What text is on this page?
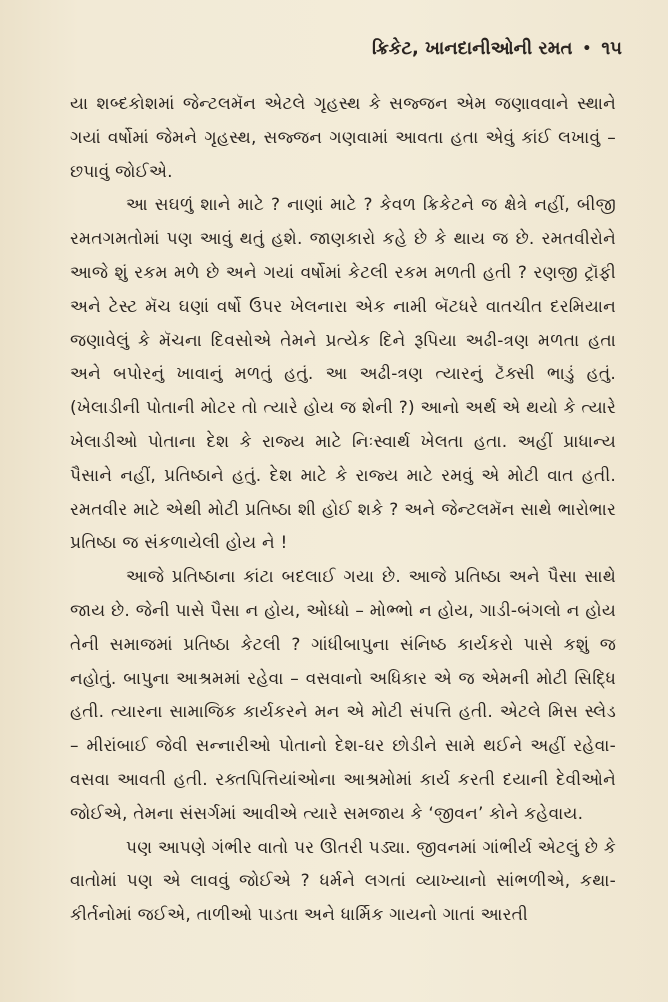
ક્રિકેટ, ખાનદાનીઓની રમત • ૧૫

યા શબ્દકોશમાં જેન્ટલમૅન એટલે ગૃહસ્થ કે સજ્જન એમ જણાવવાને સ્થાને ગયાં વર્ષોમાં જેમને ગૃહસ્થ, સજ્જન ગણવામાં આવતા હતા એવું કાંઈ લખાવું – છપાવું જોઈએ.

આ સઘળું શાને માટે ? નાણાં માટે ? કેવળ ક્રિકેટને જ ક્ષેત્રે નહીં, બીજી રમતગમતોમાં પણ આવું થતું હશે. જાણકારો કહે છે કે થાય જ છે. રમતવીરોને આજે શું રકમ મળે છે અને ગયાં વર્ષોમાં કેટલી રકમ મળતી હતી ? રણજી ટ્રૉફી અને ટેસ્ટ મૅચ ઘણાં વર્ષો ઉપર ખેલનારા એક નામી બૅટધરે વાતચીત દરમિયાન જણાવેલું કે મૅચના દિવસોએ તેમને પ્રત્યેક દિને રૂપિયા અઢી-ત્રણ મળતા હતા અને બપોરનું ખાવાનું મળતું હતું. આ અઢી-ત્રણ ત્યારનું ટૅક્સી ભાડું હતું. (ખેલાડીની પોતાની મોટર તો ત્યારે હોય જ શેની ?) આનો અર્થ એ થયો કે ત્યારે ખેલાડીઓ પોતાના દેશ કે રાજ્ય માટે નિઃસ્વાર્થ ખેલતા હતા. અહીં પ્રાધાન્ય પૈસાને નહીં, પ્રતિષ્ઠાને હતું. દેશ માટે કે રાજ્ય માટે રમવું એ મોટી વાત હતી. રમતવીર માટે એથી મોટી પ્રતિષ્ઠા શી હોઈ શકે ? અને જેન્ટલમૅન સાથે ભારોભાર પ્રતિષ્ઠા જ સંકળાયેલી હોય ને !

આજે પ્રતિષ્ઠાના કાંટા બદલાઈ ગયા છે. આજે પ્રતિષ્ઠા અને પૈસા સાથે જાય છે. જેની પાસે પૈસા ન હોય, ઓધ્ધો – મોભ્ભો ન હોય, ગાડી-બંગલો ન હોય તેની સમાજમાં પ્રતિષ્ઠા કેટલી ? ગાંધીબાપુના સંનિષ્ઠ કાર્યકરો પાસે કશું જ નહોતું. બાપુના આશ્રમમાં રહેવા – વસવાનો અધિકાર એ જ એમની મોટી સિદ્ધિ હતી. ત્યારના સામાજિક કાર્યકરને મન એ મોટી સંપત્તિ હતી. એટલે મિસ સ્લેડ – મીરાંબાઈ જેવી સન્નારીઓ પોતાનો દેશ-ઘર છોડીને સામે થઈને અહીં રહેવા-વસવા આવતી હતી. રક્તપિત્તિયાંઓના આશ્રમોમાં કાર્ય કરતી દયાની દેવીઓને જોઈએ, તેમના સંસર્ગમાં આવીએ ત્યારે સમજાય કે ‘જીવન’ કોને કહેવાય.

પણ આપણે ગંભીર વાતો પર ઊતરી પડ્યા. જીવનમાં ગાંભીર્ય એટલું છે કે વાતોમાં પણ એ લાવવું જોઈએ ? ધર્મને લગતાં વ્યાખ્યાનો સાંભળીએ, કથા-કીર્તનોમાં જઈએ, તાળીઓ પાડતા અને ધાર્મિક ગાયનો ગાતાં આરતી
